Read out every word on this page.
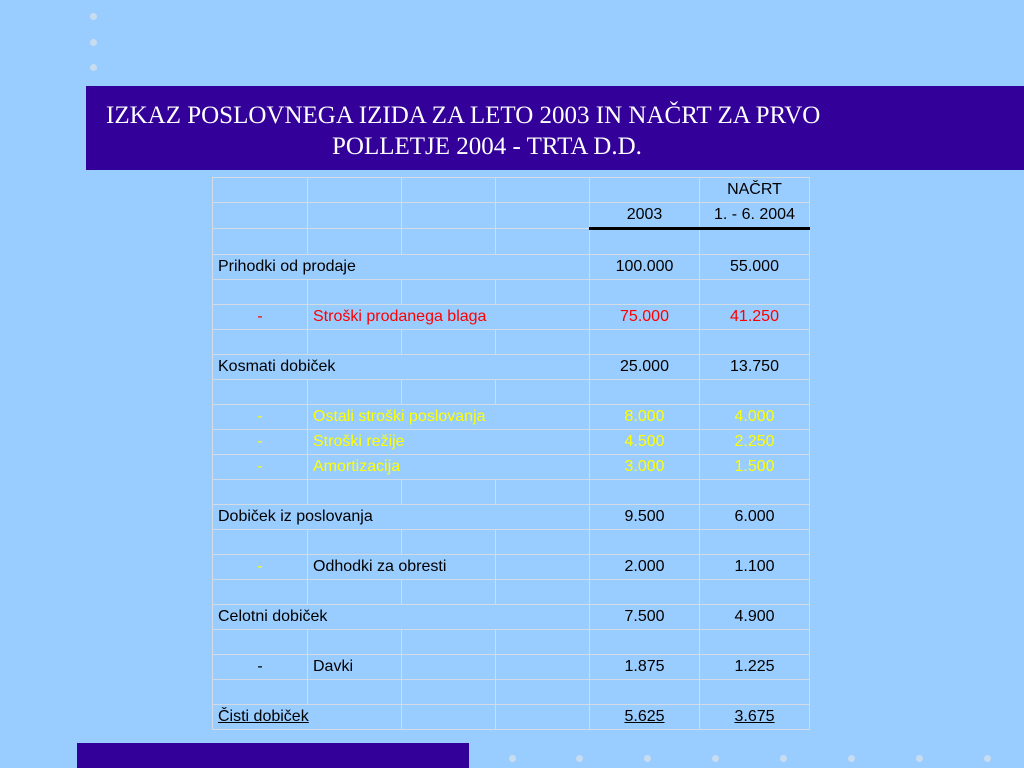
IZKAZ POSLOVNEGA IZIDA ZA LETO 2003 IN NAČRT ZA PRVO
POLLETJE 2004 - TRTA D.D.
					NAČRT
				2003	1. - 6. 2004

Prihodki od prodaje				100.000	55.000

-	Stroški prodanega blaga			75.000	41.250

Kosmati dobiček				25.000	13.750

-	Ostali stroški poslovanja			8.000	4.000
-	Stroški režije			4.500	2.250
-	Amortizacija			3.000	1.500

Dobiček iz poslovanja				9.500	6.000

-	Odhodki za obresti			2.000	1.100

Celotni dobiček				7.500	4.900

-	Davki			1.875	1.225

Čisti dobiček				5.625	3.675
